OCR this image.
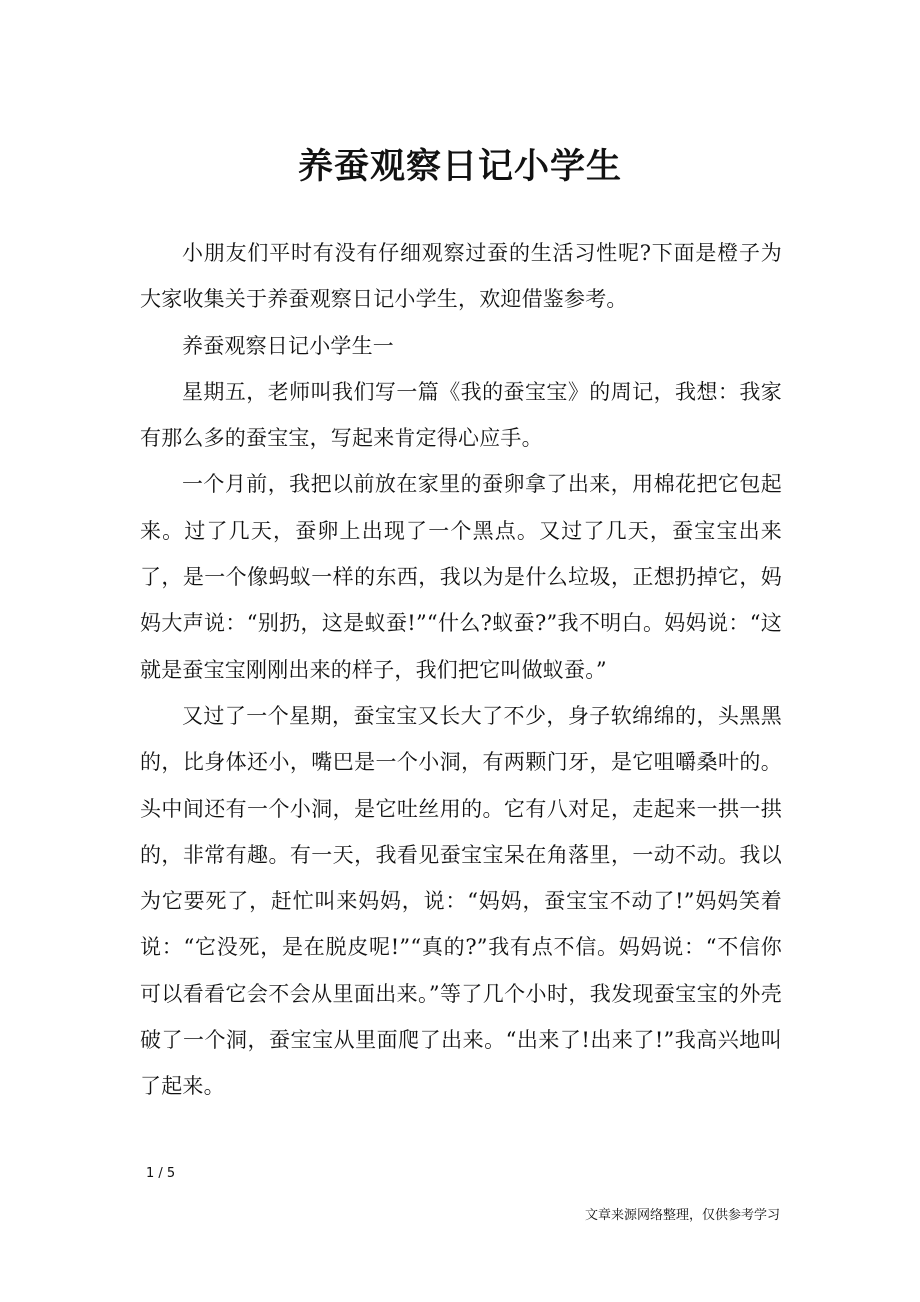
养蚕观察日记小学生

小朋友们平时有没有仔细观察过蚕的生活习性呢?下面是橙子为大家收集关于养蚕观察日记小学生，欢迎借鉴参考。

养蚕观察日记小学生一

星期五，老师叫我们写一篇《我的蚕宝宝》的周记，我想：我家有那么多的蚕宝宝，写起来肯定得心应手。

一个月前，我把以前放在家里的蚕卵拿了出来，用棉花把它包起来。过了几天，蚕卵上出现了一个黑点。又过了几天，蚕宝宝出来了，是一个像蚂蚁一样的东西，我以为是什么垃圾，正想扔掉它，妈妈大声说：“别扔，这是蚁蚕!”“什么?蚁蚕?”我不明白。妈妈说：“这就是蚕宝宝刚刚出来的样子，我们把它叫做蚁蚕。”

又过了一个星期，蚕宝宝又长大了不少，身子软绵绵的，头黑黑的，比身体还小，嘴巴是一个小洞，有两颗门牙，是它咀嚼桑叶的。头中间还有一个小洞，是它吐丝用的。它有八对足，走起来一拱一拱的，非常有趣。有一天，我看见蚕宝宝呆在角落里，一动不动。我以为它要死了，赶忙叫来妈妈，说：“妈妈，蚕宝宝不动了!”妈妈笑着说：“它没死，是在脱皮呢!”“真的?”我有点不信。妈妈说：“不信你可以看看它会不会从里面出来。”等了几个小时，我发现蚕宝宝的外壳破了一个洞，蚕宝宝从里面爬了出来。“出来了!出来了!”我高兴地叫了起来。

1 / 5
文章来源网络整理，仅供参考学习
